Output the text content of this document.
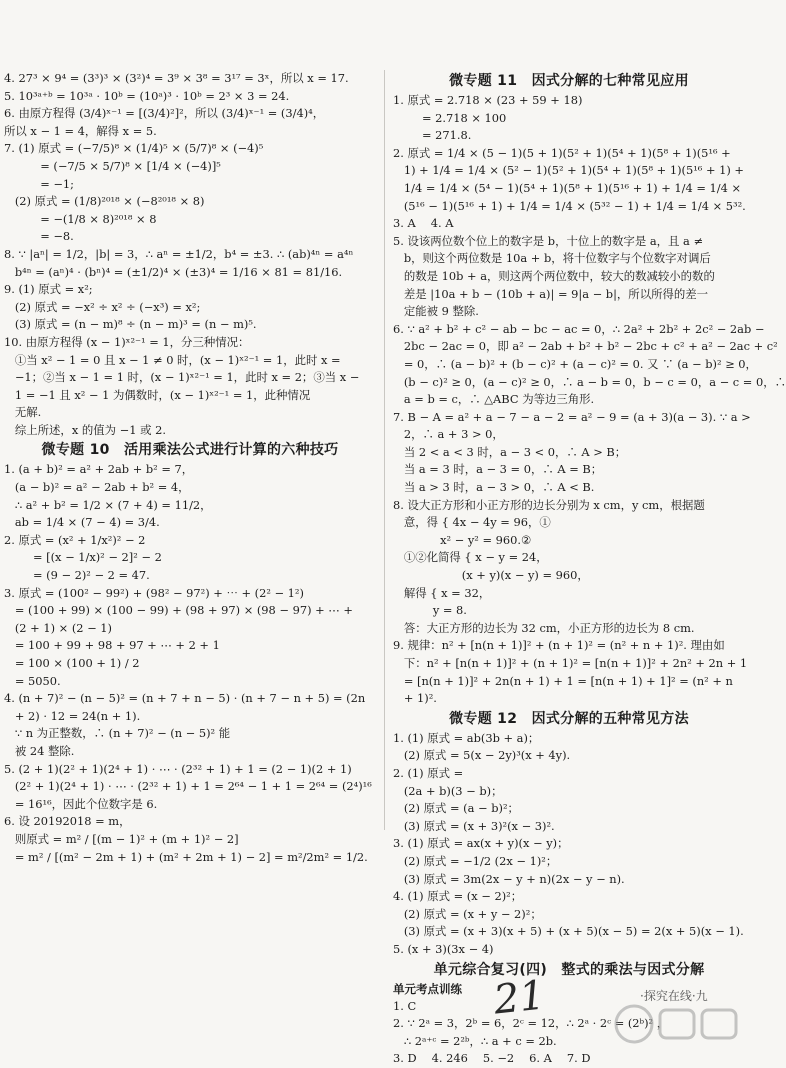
4. 27³ × 9⁴ = (3³)³ × (3²)⁴ = 3⁹ × 3⁸ = 3¹⁷ = 3ˣ，所以 x = 17.
5. 10³ᵃ⁺ᵇ = 10³ᵃ · 10ᵇ = (10ᵃ)³ · 10ᵇ = 2³ × 3 = 24.
6. 由原方程得 (3/4)ˣ⁻¹ = [(3/4)²]²，所以 (3/4)ˣ⁻¹ = (3/4)⁴，
所以 x − 1 = 4，解得 x = 5.
7. (1) 原式 = (−7/5)⁸ × (1/4)⁵ × (5/7)⁸ × (−4)⁵
= (−7/5 × 5/7)⁸ × [1/4 × (−4)]⁵
= −1;
(2) 原式 = (1/8)²⁰¹⁸ × (−8²⁰¹⁸ × 8)
= −(1/8 × 8)²⁰¹⁸ × 8
= −8.
8. ∵ |aⁿ| = 1/2，|b| = 3，∴ aⁿ = ±1/2，b⁴ = ±3. ∴ (ab)⁴ⁿ = a⁴ⁿ
b⁴ⁿ = (aⁿ)⁴ · (bⁿ)⁴ = (±1/2)⁴ × (±3)⁴ = 1/16 × 81 = 81/16.
9. (1) 原式 = x²;
(2) 原式 = −x² ÷ x² ÷ (−x³) = x²;
(3) 原式 = (n − m)⁸ ÷ (n − m)³ = (n − m)⁵.
10. 由原方程得 (x − 1)ˣ²⁻¹ = 1，分三种情况：
①当 x² − 1 = 0 且 x − 1 ≠ 0 时，(x − 1)ˣ²⁻¹ = 1，此时 x =
−1；②当 x − 1 = 1 时，(x − 1)ˣ²⁻¹ = 1，此时 x = 2；③当 x −
1 = −1 且 x² − 1 为偶数时，(x − 1)ˣ²⁻¹ = 1，此种情况
无解.
综上所述，x 的值为 −1 或 2.
微专题 10　活用乘法公式进行计算的六种技巧
1. (a + b)² = a² + 2ab + b² = 7，
(a − b)² = a² − 2ab + b² = 4，
∴ a² + b² = 1/2 × (7 + 4) = 11/2，
ab = 1/4 × (7 − 4) = 3/4.
2. 原式 = (x² + 1/x²)² − 2
= [(x − 1/x)² − 2]² − 2
= (9 − 2)² − 2 = 47.
3. 原式 = (100² − 99²) + (98² − 97²) + ⋯ + (2² − 1²)
= (100 + 99) × (100 − 99) + (98 + 97) × (98 − 97) + ⋯ +
(2 + 1) × (2 − 1)
= 100 + 99 + 98 + 97 + ⋯ + 2 + 1
= 100 × (100 + 1) / 2
= 5050.
4. (n + 7)² − (n − 5)² = (n + 7 + n − 5) · (n + 7 − n + 5) = (2n
+ 2) · 12 = 24(n + 1).
∵ n 为正整数，∴ (n + 7)² − (n − 5)² 能
被 24 整除.
5. (2 + 1)(2² + 1)(2⁴ + 1) · ⋯ · (2³² + 1) + 1 = (2 − 1)(2 + 1)
(2² + 1)(2⁴ + 1) · ⋯ · (2³² + 1) + 1 = 2⁶⁴ − 1 + 1 = 2⁶⁴ = (2⁴)¹⁶
= 16¹⁶，因此个位数字是 6.
6. 设 20192018 = m，
则原式 = m² / [(m − 1)² + (m + 1)² − 2]
= m² / [(m² − 2m + 1) + (m² + 2m + 1) − 2] = m²/2m² = 1/2.
微专题 11　因式分解的七种常见应用
1. 原式 = 2.718 × (23 + 59 + 18)
= 2.718 × 100
= 271.8.
2. 原式 = 1/4 × (5 − 1)(5 + 1)(5² + 1)(5⁴ + 1)(5⁸ + 1)(5¹⁶ +
1) + 1/4 = 1/4 × (5² − 1)(5² + 1)(5⁴ + 1)(5⁸ + 1)(5¹⁶ + 1) +
1/4 = 1/4 × (5⁴ − 1)(5⁴ + 1)(5⁸ + 1)(5¹⁶ + 1) + 1/4 = 1/4 ×
(5¹⁶ − 1)(5¹⁶ + 1) + 1/4 = 1/4 × (5³² − 1) + 1/4 = 1/4 × 5³².
3. A　 4. A
5. 设该两位数个位上的数字是 b，十位上的数字是 a，且 a ≠
b，则这个两位数是 10a + b，将十位数字与个位数字对调后
的数是 10b + a，则这两个两位数中，较大的数减较小的数的
差是 |10a + b − (10b + a)| = 9|a − b|，所以所得的差一
定能被 9 整除.
6. ∵ a² + b² + c² − ab − bc − ac = 0，∴ 2a² + 2b² + 2c² − 2ab −
2bc − 2ac = 0，即 a² − 2ab + b² + b² − 2bc + c² + a² − 2ac + c²
= 0，∴ (a − b)² + (b − c)² + (a − c)² = 0. 又 ∵ (a − b)² ≥ 0，
(b − c)² ≥ 0，(a − c)² ≥ 0，∴ a − b = 0，b − c = 0，a − c = 0，∴
a = b = c，∴ △ABC 为等边三角形.
7. B − A = a² + a − 7 − a − 2 = a² − 9 = (a + 3)(a − 3). ∵ a >
2，∴ a + 3 > 0，
当 2 < a < 3 时，a − 3 < 0，∴ A > B；
当 a = 3 时，a − 3 = 0，∴ A = B；
当 a > 3 时，a − 3 > 0，∴ A < B.
8. 设大正方形和小正方形的边长分别为 x cm，y cm，根据题
意，得 { 4x − 4y = 96，①
x² − y² = 960.②
①②化简得 { x − y = 24，
(x + y)(x − y) = 960，
解得 { x = 32，
y = 8.
答：大正方形的边长为 32 cm，小正方形的边长为 8 cm.
9. 规律：n² + [n(n + 1)]² + (n + 1)² = (n² + n + 1)². 理由如
下：n² + [n(n + 1)]² + (n + 1)² = [n(n + 1)]² + 2n² + 2n + 1
= [n(n + 1)]² + 2n(n + 1) + 1 = [n(n + 1) + 1]² = (n² + n
+ 1)².
微专题 12　因式分解的五种常见方法
1. (1) 原式 = ab(3b + a)；
(2) 原式 = 5(x − 2y)³(x + 4y).
2. (1) 原式 =
(2a + b)(3 − b)；
(2) 原式 = (a − b)²；
(3) 原式 = (x + 3)²(x − 3)².
3. (1) 原式 = ax(x + y)(x − y)；
(2) 原式 = −1/2 (2x − 1)²；
(3) 原式 = 3m(2x − y + n)(2x − y − n).
4. (1) 原式 = (x − 2)²；
(2) 原式 = (x + y − 2)²；
(3) 原式 = (x + 3)(x + 5) + (x + 5)(x − 5) = 2(x + 5)(x − 1).
5. (x + 3)(3x − 4)
单元综合复习(四)　整式的乘法与因式分解
单元考点训练
1. C
2. ∵ 2ᵃ = 3，2ᵇ = 6，2ᶜ = 12，∴ 2ᵃ · 2ᶜ = (2ᵇ)² ，
∴ 2ᵃ⁺ᶜ = 2²ᵇ，∴ a + c = 2b.
3. D　 4. 246　 5. −2　 6. A　 7. D
21	·探究在线·九
